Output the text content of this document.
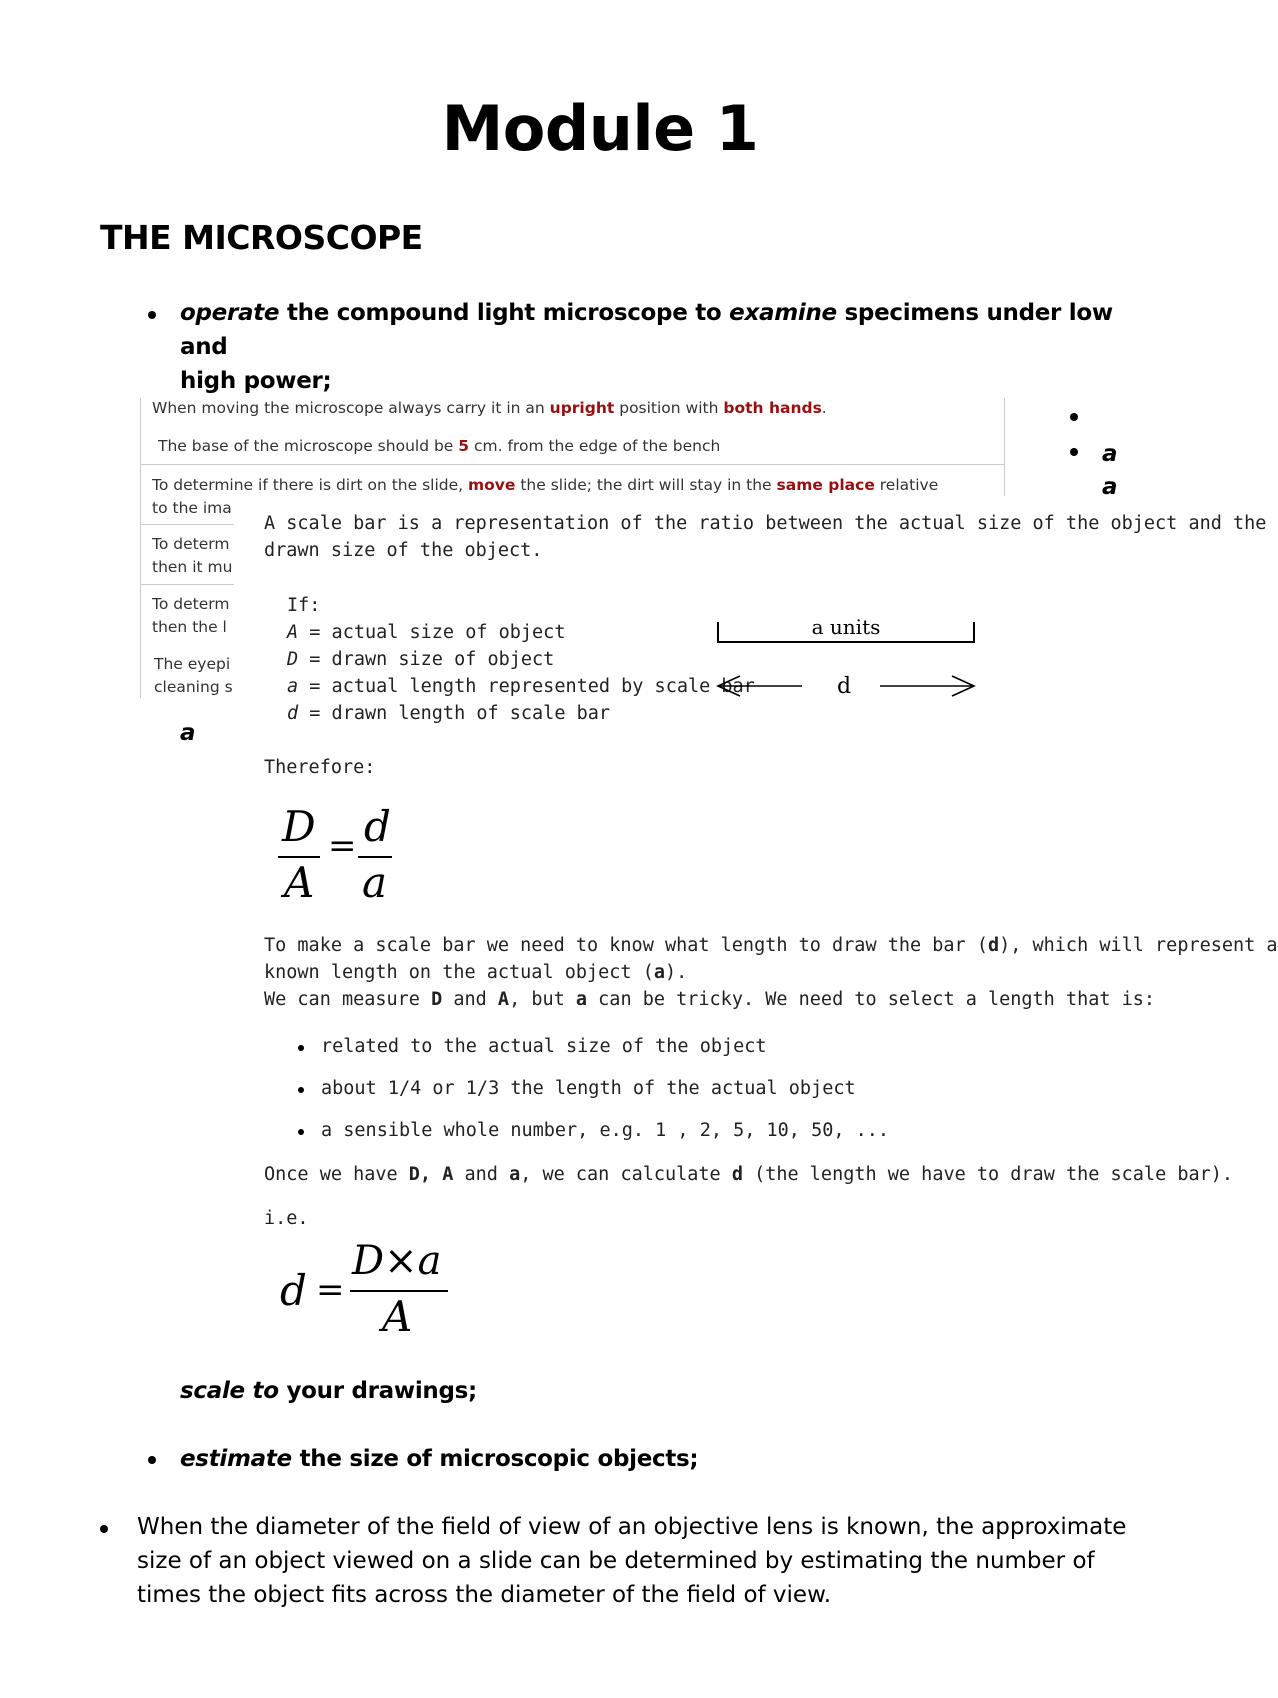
Module 1
THE MICROSCOPE
operate the compound light microscope to examine specimens under low and
high power;
When moving the microscope always carry it in an upright position with both hands.
The base of the microscope should be 5 cm. from the edge of the bench
To determine if there is dirt on the slide, move the slide; the dirt will stay in the same place relative
to the ima
To determ
then it mu
To determ
then the l
The eyepi
cleaning s
a
a
a
A scale bar is a representation of the ratio between the actual size of the object and the
drawn size of the object.
If:
A = actual size of object
D = drawn size of object
a = actual length represented by scale bar
d = drawn length of scale bar
a units
d
Therefore:
D
A
= d
a
To make a scale bar we need to know what length to draw the bar (d), which will represent a
known length on the actual object (a).
We can measure D and A, but a can be tricky. We need to select a length that is:
related to the actual size of the object
about 1/4 or 1/3 the length of the actual object
a sensible whole number, e.g. 1 , 2, 5, 10, 50, ...
Once we have D, A and a, we can calculate d (the length we have to draw the scale bar).
i.e.
d =
D×a
A
scale to your drawings;
estimate the size of microscopic objects;
When the diameter of the field of view of an objective lens is known, the approximate
size of an object viewed on a slide can be determined by estimating the number of
times the object fits across the diameter of the field of view.
